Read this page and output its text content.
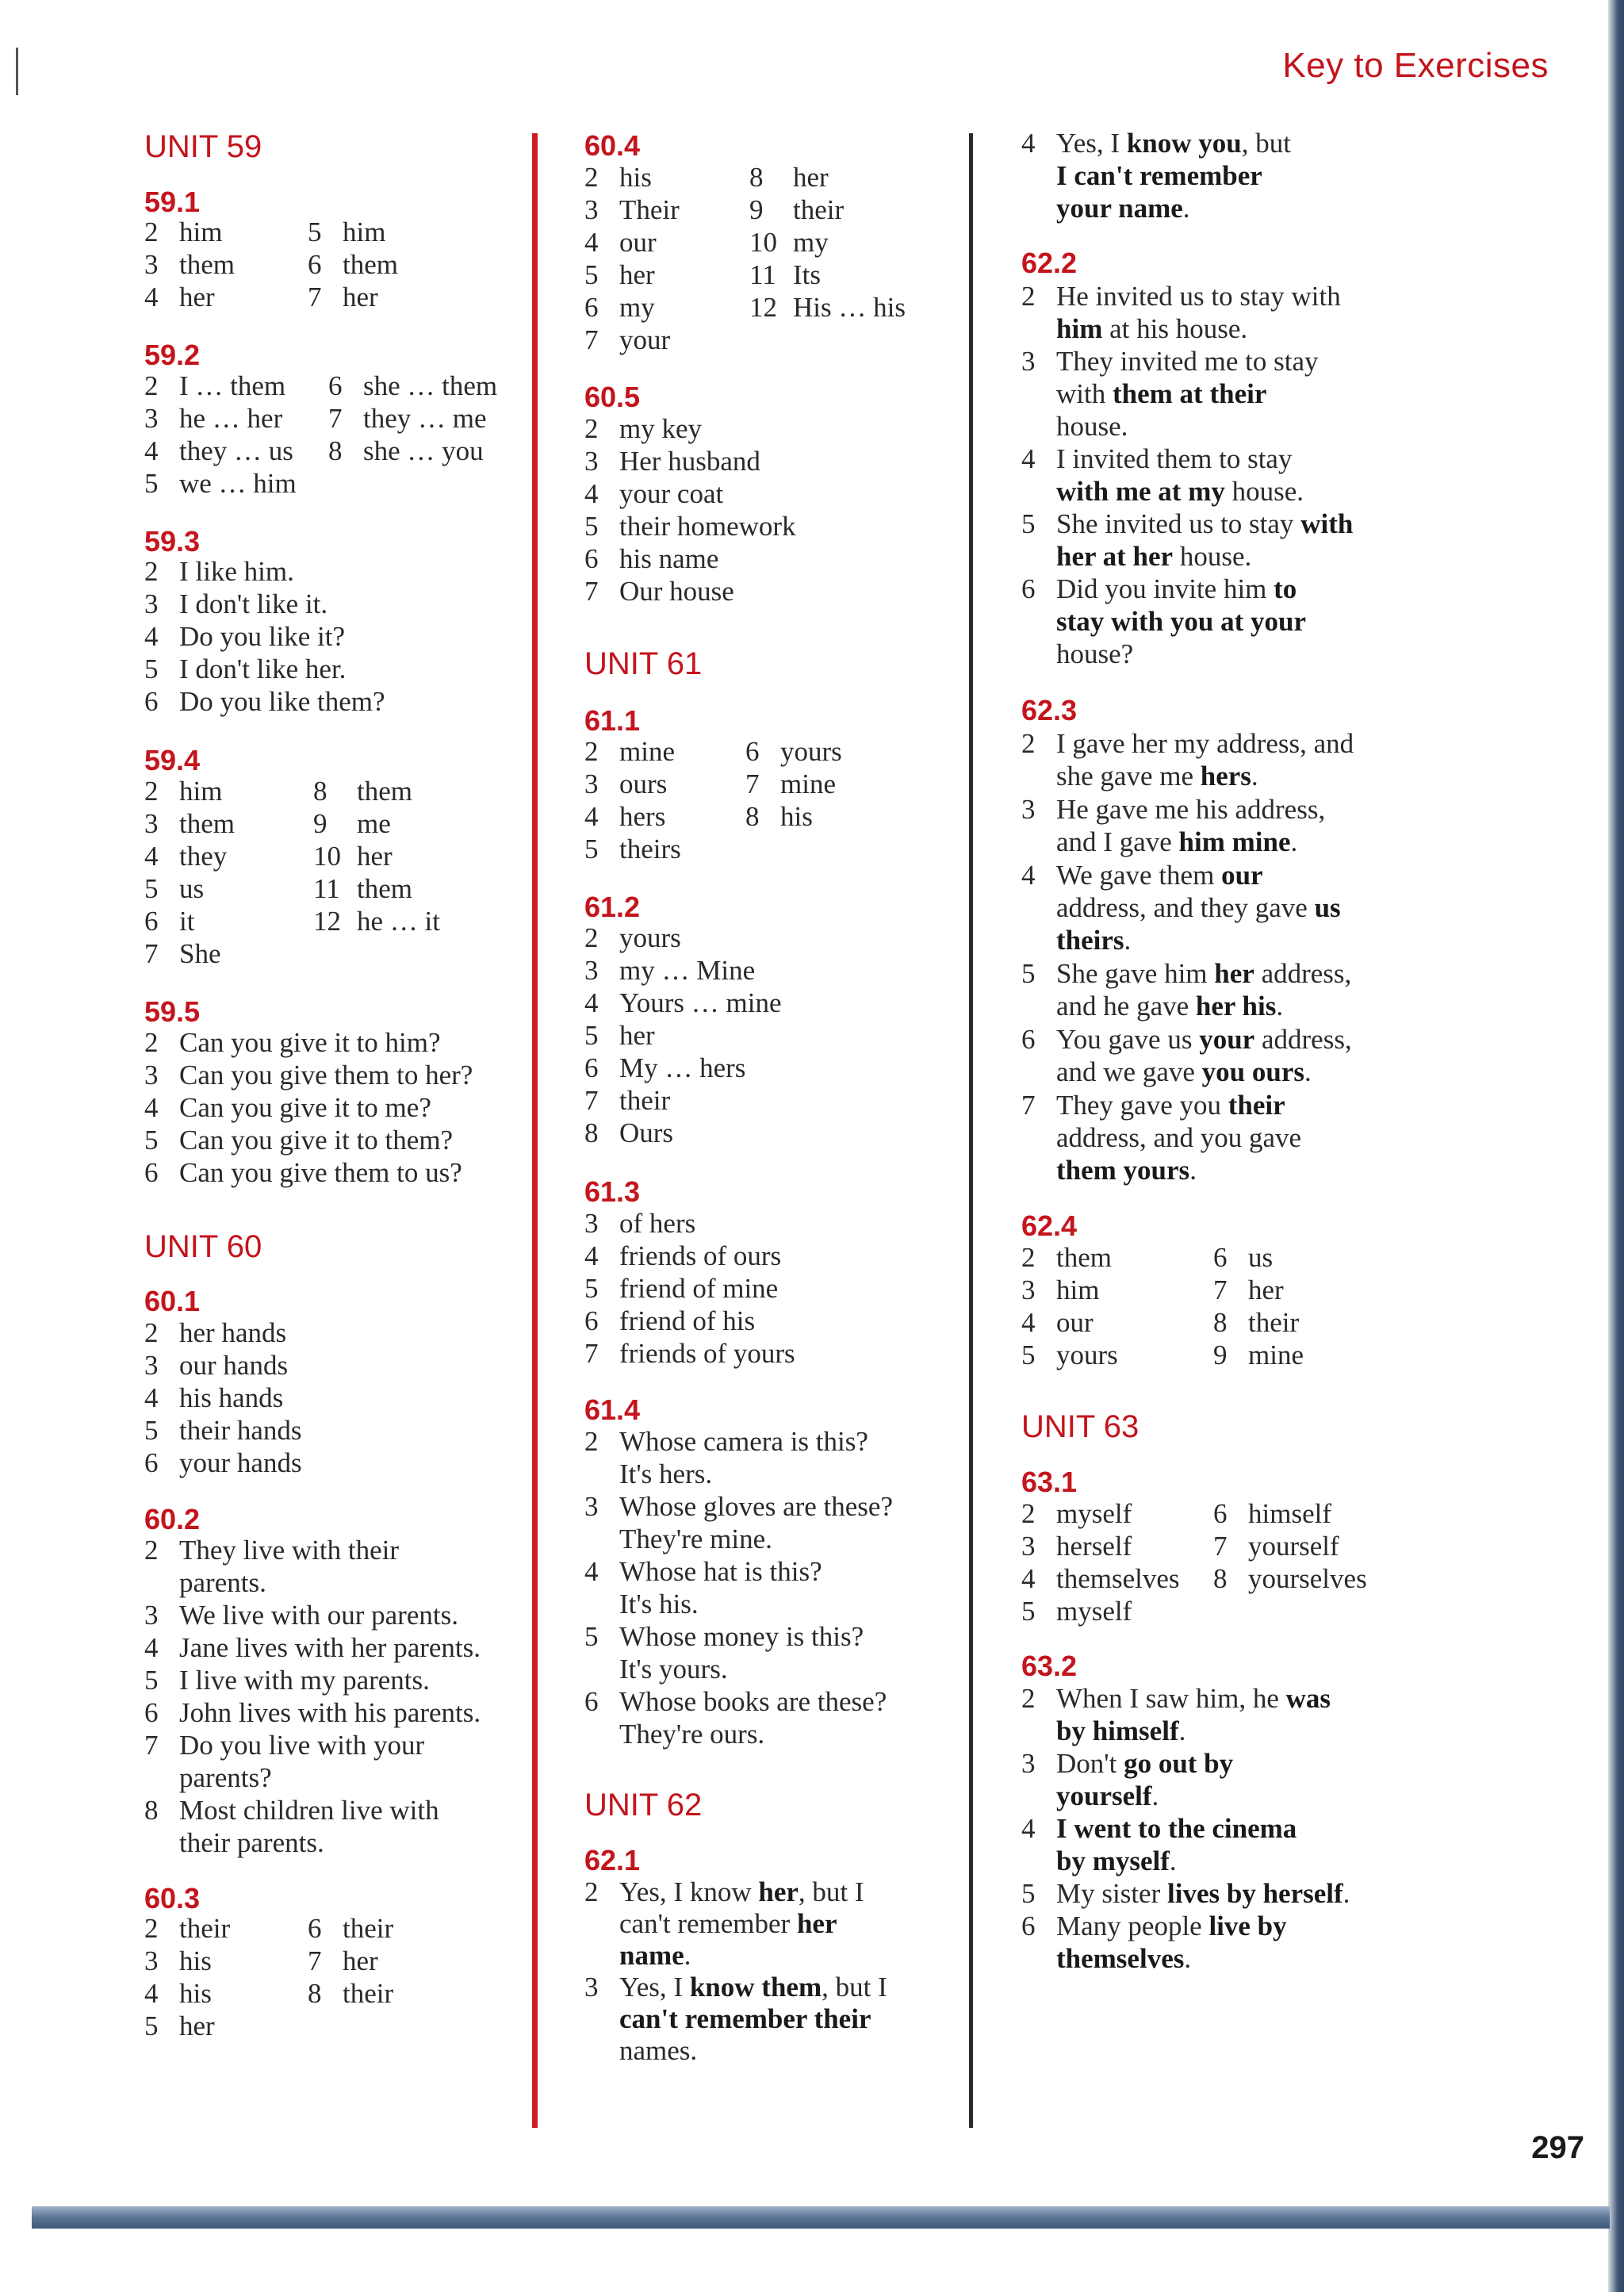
Key to Exercises
297
UNIT 59
59.1
2 him
3 them
4 her
5 him
6 them
7 her
59.2
2 I … them
3 he … her
4 they … us
5 we … him
6 she … them
7 they … me
8 she … you
59.3
2 I like him.
3 I don't like it.
4 Do you like it?
5 I don't like her.
6 Do you like them?
59.4
2 him
3 them
4 they
5 us
6 it
7 She
8 them
9 me
10 her
11 them
12 he … it
59.5
2 Can you give it to him?
3 Can you give them to her?
4 Can you give it to me?
5 Can you give it to them?
6 Can you give them to us?
UNIT 60
60.1
2 her hands
3 our hands
4 his hands
5 their hands
6 your hands
60.2
2 They live with their
parents.
3 We live with our parents.
4 Jane lives with her parents.
5 I live with my parents.
6 John lives with his parents.
7 Do you live with your
parents?
8 Most children live with
their parents.
60.3
2 their
3 his
4 his
5 her
6 their
7 her
8 their
60.4
2 his
3 Their
4 our
5 her
6 my
7 your
8 her
9 their
10 my
11 Its
12 His … his
60.5
2 my key
3 Her husband
4 your coat
5 their homework
6 his name
7 Our house
UNIT 61
61.1
2 mine
3 ours
4 hers
5 theirs
6 yours
7 mine
8 his
61.2
2 yours
3 my … Mine
4 Yours … mine
5 her
6 My … hers
7 their
8 Ours
61.3
3 of hers
4 friends of ours
5 friend of mine
6 friend of his
7 friends of yours
61.4
2 Whose camera is this?
It's hers.
3 Whose gloves are these?
They're mine.
4 Whose hat is this?
It's his.
5 Whose money is this?
It's yours.
6 Whose books are these?
They're ours.
UNIT 62
62.1
2 Yes, I know her, but I
can't remember her
name.
3 Yes, I know them, but I
can't remember their
names.
4 Yes, I know you, but
I can't remember
your name.
62.2
2 He invited us to stay with
him at his house.
3 They invited me to stay
with them at their
house.
4 I invited them to stay
with me at my house.
5 She invited us to stay with
her at her house.
6 Did you invite him to
stay with you at your
house?
62.3
2 I gave her my address, and
she gave me hers.
3 He gave me his address,
and I gave him mine.
4 We gave them our
address, and they gave us
theirs.
5 She gave him her address,
and he gave her his.
6 You gave us your address,
and we gave you ours.
7 They gave you their
address, and you gave
them yours.
62.4
2 them
3 him
4 our
5 yours
6 us
7 her
8 their
9 mine
UNIT 63
63.1
2 myself
3 herself
4 themselves
5 myself
6 himself
7 yourself
8 yourselves
63.2
2 When I saw him, he was
by himself.
3 Don't go out by
yourself.
4 I went to the cinema
by myself.
5 My sister lives by herself.
6 Many people live by
themselves.
